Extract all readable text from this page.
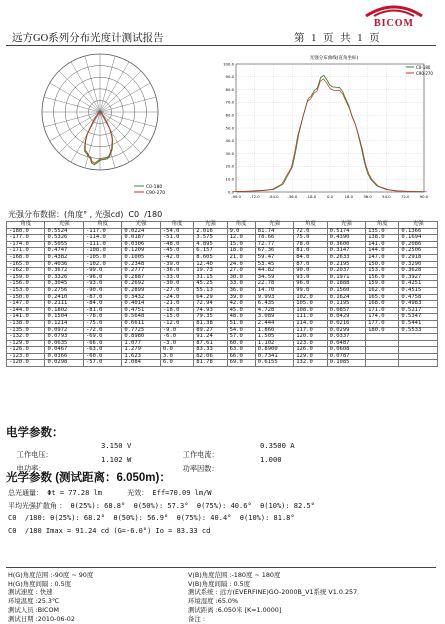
BICOM
远方GO系列分布光度计测试报告	第 1 页 共 1 页
C0-180
C90-270
光强分布曲线(直角坐标)
0.0
10.0
20.0
30.0
40.0
50.0
60.0
70.0
80.0
90.0
100.0
-90.0 -72.0 -54.0 -36.0 -18.0	0.0	18.0	36.0	54.0	72.0	90.0
C0-180
C90-270
光强分布数据：(角度° , 光强cd)  C0  /180
角度	光强	角度	光强	角度	光强	角度	光强	角度	光强	角度	光强
-180.0	0.5524	-117.0	0.0224	-54.0	2.016	9.0	81.74	72.0	0.5174	135.0	0.1366
-177.0	0.5326	-114.0	0.0187	-51.0	3.575	12.0	78.66	75.0	0.4390	138.0	0.1694
-174.0	0.5055	-111.0	0.0306	-48.0	4.895	15.0	72.77	78.0	0.3600	141.0	0.2086
-171.0	0.4747	-108.0	0.1209	-45.0	6.157	18.0	67.36	81.0	0.3147	144.0	0.2506
-168.0	0.4382	-105.0	0.1005	-42.0	8.605	21.0	59.47	84.0	0.2633	147.0	0.2918
-165.0	0.4036	-102.0	0.2348	-39.0	12.40	24.0	53.45	87.0	0.2195	150.0	0.3290
-162.0	0.3672	-99.0	0.2777	-36.0	19.73	27.0	44.82	90.0	0.2037	153.0	0.3628
-159.0	0.3326	-96.0	0.2887	-33.0	31.15	30.0	34.59	93.0	0.1971	156.0	0.3927
-156.0	0.3045	-93.0	0.2692	-30.0	45.25	33.0	22.78	96.0	0.1888	159.0	0.4251
-153.0	0.2756	-90.0	0.2899	-27.0	55.13	36.0	14.70	99.0	0.1560	162.0	0.4515
-150.0	0.2410	-87.0	0.3432	-24.0	64.29	39.0	9.993	102.0	0.1624	165.0	0.4758
-147.0	0.2111	-84.0	0.4014	-21.0	72.94	42.0	6.435	105.0	0.1195	168.0	0.4983
-144.0	0.1802	-81.0	0.4751	-18.0	74.93	45.0	4.728	108.0	0.0857	171.0	0.5217
-141.0	0.1504	-78.0	0.5648	-15.0	79.35	48.0	3.089	111.0	0.0429	174.0	0.5347
-138.0	0.1214	-75.0	0.6611	-12.0	81.38	51.0	2.444	114.0	0.0216	177.0	0.5441
-135.0	0.0972	-72.0	0.7725	-9.0	89.27	54.0	1.860	117.0	0.0299	180.0	0.5533
-132.0	0.0793	-69.0	0.8980	-6.0	91.24	57.0	1.505	120.0	0.0337		
-129.0	0.0635	-66.0	1.077	-3.0	87.61	60.0	1.102	123.0	0.0487		
-126.0	0.0467	-63.0	1.279	0.0	83.33	63.0	0.8900	126.0	0.0608		
-123.0	0.0366	-60.0	1.623	3.0	82.06	66.0	0.7341	129.0	0.0787		
-120.0	0.0298	-57.0	2.084	6.0	81.78	69.0	0.6155	132.0	0.1085		
电学参数：

工作电压：

3.150 V

工作电流：

0.3500 A

电功率：

1.102 W

功率因数：

1.000
光学参数 (测试距离：6.050m)：
总光通量： Φt = 77.28 lm      光效： Eff=70.09 lm/W
平均光强扩散角 ： θ(25%): 68.8°  θ(50%): 57.3°  θ(75%): 40.6°  θ(10%): 82.5°
C0  /180: θ(25%): 68.2°  θ(50%): 56.9°  θ(75%): 40.4°  θ(10%): 81.8°
C0  /180 Imax = 91.24 cd (G=-6.0°) Io = 83.33 cd
H(G)角度范围 :-90度 ~ 90度
H(G)角度间隔 : 0.5度
测试速度 : 快速
环境温度 :25.3℃
测试人员 :BICOM
测试日期 :2010-06-02
V(B)角度范围 :-180度 ~ 180度
V(B)角度间隔 : 0.5度
测试系统 : 远方(EVERFINE)GO-2000B_V1系统 V1.0.257
环境湿度 :65.0%
测试距离 :6.050米 [K=1.0000]
备注 :
